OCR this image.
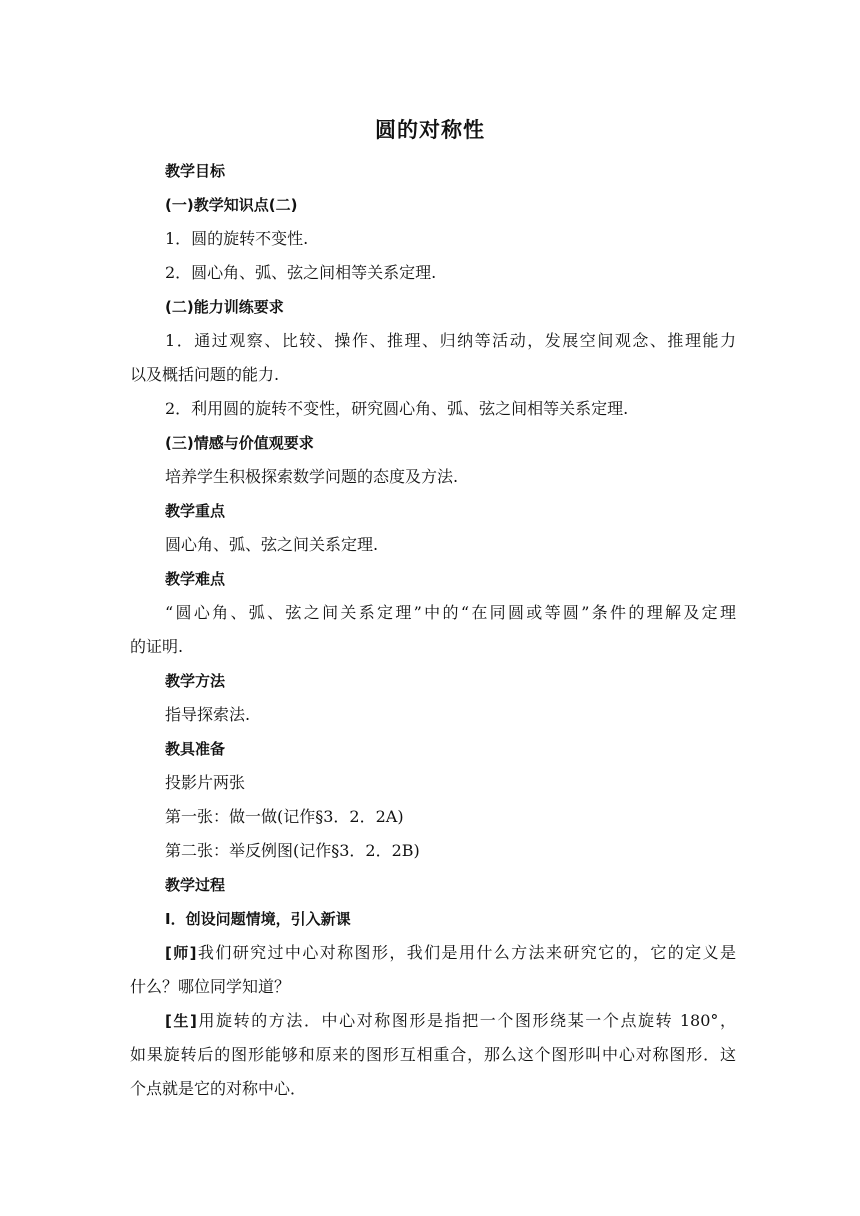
圆的对称性
教学目标
(一)教学知识点(二)
1．圆的旋转不变性.
2．圆心角、弧、弦之间相等关系定理.
(二)能力训练要求
1．通过观察、比较、操作、推理、归纳等活动，发展空间观念、推理能力
以及概括问题的能力.
2．利用圆的旋转不变性，研究圆心角、弧、弦之间相等关系定理.
(三)情感与价值观要求
培养学生积极探索数学问题的态度及方法.
教学重点
圆心角、弧、弦之间关系定理.
教学难点
“圆心角、弧、弦之间关系定理”中的“在同圆或等圆”条件的理解及定理
的证明.
教学方法
指导探索法.
教具准备
投影片两张
第一张：做一做(记作§3．2．2A)
第二张：举反例图(记作§3．2．2B)
教学过程
Ⅰ．创设问题情境，引入新课
[师]我们研究过中心对称图形，我们是用什么方法来研究它的，它的定义是
什么？哪位同学知道？
[生]用旋转的方法．中心对称图形是指把一个图形绕某一个点旋转 180°，
如果旋转后的图形能够和原来的图形互相重合，那么这个图形叫中心对称图形．这
个点就是它的对称中心．
